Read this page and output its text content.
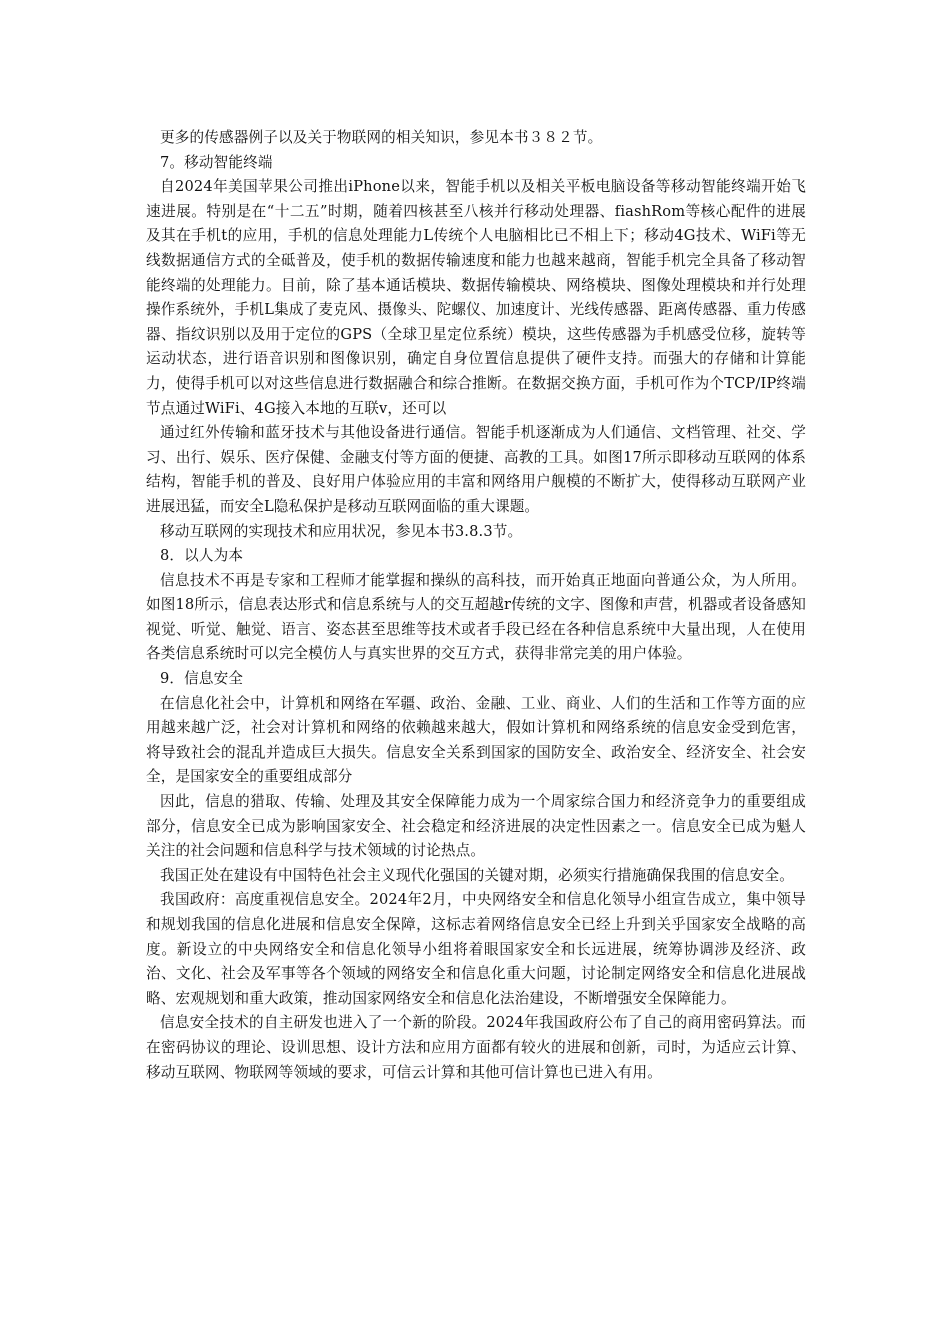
更多的传感器例子以及关于物联网的相关知识，参见本书３８２节。

7。移动智能终端

自2024年美国苹果公司推出iPhone以来，智能手机以及相关平板电脑设备等移动智能终端开始飞速进展。特别是在“十二五”时期，随着四核甚至八核并行移动处理器、fiashRom等核心配件的进展及其在手机t的应用，手机的信息处理能力L传统个人电脑相比已不相上下；移动4G技术、WiFi等无线数据通信方式的全砥普及，使手机的数据传输速度和能力也越来越商，智能手机完全具备了移动智能终端的处理能力。目前，除了基本通话模块、数据传输模块、网络模块、图像处理模块和并行处理操作系统外，手机L集成了麦克风、摄像头、陀螺仪、加速度计、光线传感器、距离传感器、重力传感器、指纹识别以及用于定位的GPS（全球卫星定位系统）模块，这些传感器为手机感受位移，旋转等运动状态，进行语音识别和图像识别，确定自身位置信息提供了硬件支持。而强大的存储和计算能力，使得手机可以对这些信息进行数据融合和综合推断。在数据交换方面，手机可作为个TCP/IP终端节点通过WiFi、4G接入本地的互联v，还可以

通过红外传输和蓝牙技术与其他设备进行通信。智能手机逐渐成为人们通信、文档管理、社交、学习、出行、娱乐、医疗保健、金融支付等方面的便捷、高教的工具。如图17所示即移动互联网的体系结构，智能手机的普及、良好用户体验应用的丰富和网络用户舰模的不断扩大，使得移动互联网产业进展迅猛，而安全L隐私保护是移动互联网面临的重大课题。

移动互联网的实现技术和应用状况，参见本书3.8.3节。

8．以人为本

信息技术不再是专家和工程师才能掌握和操纵的高科技，而开始真正地面向普通公众，为人所用。如图18所示，信息表达形式和信息系统与人的交互超越r传统的文字、图像和声营，机器或者设备感知视觉、听觉、触觉、语言、姿态甚至思维等技术或者手段已经在各种信息系统中大量出现，人在使用各类信息系统时可以完全模仿人与真实世界的交互方式，获得非常完美的用户体验。

9．信息安全

在信息化社会中，计算机和网络在军疆、政治、金融、工业、商业、人们的生活和工作等方面的应用越来越广泛，社会对计算机和网络的依赖越来越大，假如计算机和网络系统的信息安金受到危害，将导致社会的混乱并造成巨大损失。信息安全关系到国家的国防安全、政治安全、经济安全、社会安全，是国家安全的重要组成部分

因此，信息的猎取、传输、处理及其安全保障能力成为一个周家综合国力和经济竞争力的重要组成部分，信息安全已成为影响国家安全、社会稳定和经济进展的决定性因素之一。信息安全已成为魁人关注的社会问题和信息科学与技术领域的讨论热点。

我国正处在建设有中国特色社会主义现代化强国的关键对期，必须实行措施确保我围的信息安全。

我国政府：高度重视信息安全。2024年2月，中央网络安全和信息化领导小组宣告成立，集中领导和规划我国的信息化进展和信息安全保障，这标志着网络信息安全已经上升到关乎国家安全战略的高度。新设立的中央网络安全和信息化领导小组将着眼国家安全和长远进展，统筹协调涉及经济、政治、文化、社会及军事等各个领域的网络安全和信息化重大问题，讨论制定网络安全和信息化进展战略、宏观规划和重大政策，推动国家网络安全和信息化法治建设，不断增强安全保障能力。

信息安全技术的自主研发也进入了一个新的阶段。2024年我国政府公布了自己的商用密码算法。而在密码协议的理论、设训思想、设计方法和应用方面都有较火的进展和创新，司时，为适应云计算、移动互联网、物联网等领域的要求，可信云计算和其他可信计算也已进入有用。
